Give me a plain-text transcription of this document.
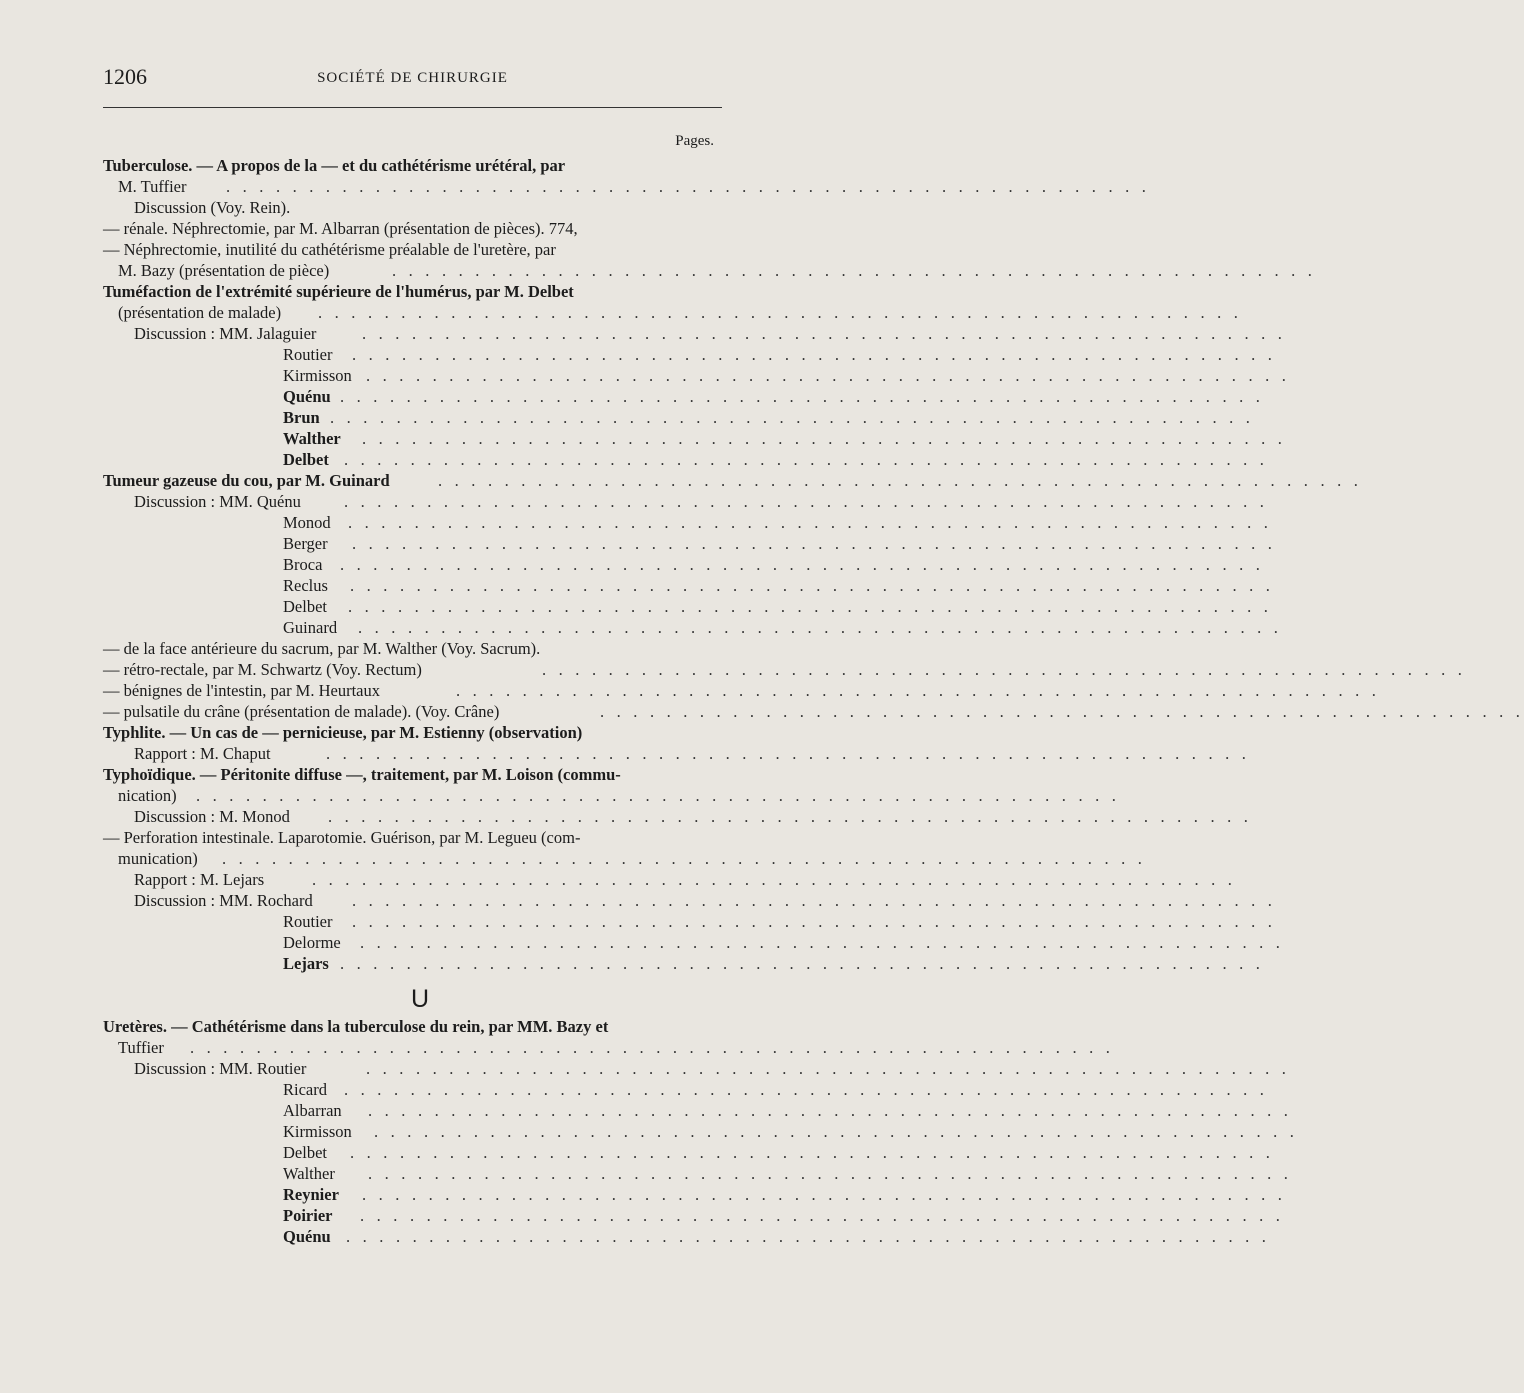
1206	SOCIÉTÉ DE CHIRURGIE
Pages.
Tuberculose. — A propos de la — et du cathétérisme urétéral, par
M. Tuffier . . . . . . . . . . . . . . . . . . . . . . . . . . . . . . . . . . . . . . . . . . . . . . . . . . . . . . . .
Discussion (Voy. Rein).
— rénale. Néphrectomie, par M. Albarran (présentation de pièces). 774,
— Néphrectomie, inutilité du cathétérisme préalable de l'uretère, par
M. Bazy (présentation de pièce)	. . . . . . . . . . . . . . . . . . . . . . . . . . . . . . . . . . . . . . . . . . . . . . . . . . . . . . . .
Tuméfaction de l'extrémité supérieure de l'humérus, par M. Delbet
(présentation de malade) . . . . . . . . . . . . . . . . . . . . . . . . . . . . . . . . . . . . . . . . . . . . . . . . . . . . . . . .
Discussion : MM. Jalaguier	. . . . . . . . . . . . . . . . . . . . . . . . . . . . . . . . . . . . . . . . . . . . . . . . . . . . . . . .
Routier . . . . . . . . . . . . . . . . . . . . . . . . . . . . . . . . . . . . . . . . . . . . . . . . . . . . . . . .
Kirmisson . . . . . . . . . . . . . . . . . . . . . . . . . . . . . . . . . . . . . . . . . . . . . . . . . . . . . . . .
Quénu . . . . . . . . . . . . . . . . . . . . . . . . . . . . . . . . . . . . . . . . . . . . . . . . . . . . . . . .
Brun . . . . . . . . . . . . . . . . . . . . . . . . . . . . . . . . . . . . . . . . . . . . . . . . . . . . . . . .
Walther . . . . . . . . . . . . . . . . . . . . . . . . . . . . . . . . . . . . . . . . . . . . . . . . . . . . . . . .
Delbet . . . . . . . . . . . . . . . . . . . . . . . . . . . . . . . . . . . . . . . . . . . . . . . . . . . . . . . .
Tumeur gazeuse du cou, par M. Guinard	. . . . . . . . . . . . . . . . . . . . . . . . . . . . . . . . . . . . . . . . . . . . . . . . . . . . . . . .
Discussion : MM. Quénu	. . . . . . . . . . . . . . . . . . . . . . . . . . . . . . . . . . . . . . . . . . . . . . . . . . . . . . . .
Monod . . . . . . . . . . . . . . . . . . . . . . . . . . . . . . . . . . . . . . . . . . . . . . . . . . . . . . . .
Berger . . . . . . . . . . . . . . . . . . . . . . . . . . . . . . . . . . . . . . . . . . . . . . . . . . . . . . . .
Broca . . . . . . . . . . . . . . . . . . . . . . . . . . . . . . . . . . . . . . . . . . . . . . . . . . . . . . . .
Reclus . . . . . . . . . . . . . . . . . . . . . . . . . . . . . . . . . . . . . . . . . . . . . . . . . . . . . . . .
Delbet . . . . . . . . . . . . . . . . . . . . . . . . . . . . . . . . . . . . . . . . . . . . . . . . . . . . . . . .
Guinard . . . . . . . . . . . . . . . . . . . . . . . . . . . . . . . . . . . . . . . . . . . . . . . . . . . . . . . .
— de la face antérieure du sacrum, par M. Walther (Voy. Sacrum).
— rétro-rectale, par M. Schwartz (Voy. Rectum)	. . . . . . . . . . . . . . . . . . . . . . . . . . . . . . . . . . . . . . . . . . . . . . . . . . . . . . . .
— bénignes de l'intestin, par M. Heurtaux	. . . . . . . . . . . . . . . . . . . . . . . . . . . . . . . . . . . . . . . . . . . . . . . . . . . . . . . .
— pulsatile du crâne (présentation de malade). (Voy. Crâne)	. . . . . . . . . . . . . . . . . . . . . . . . . . . . . . . . . . . . . . . . . . . . . . . . . . . . . . . .
Typhlite. — Un cas de — pernicieuse, par M. Estienny (observation)
Rapport : M. Chaput	. . . . . . . . . . . . . . . . . . . . . . . . . . . . . . . . . . . . . . . . . . . . . . . . . . . . . . . .
Typhoïdique. — Péritonite diffuse —, traitement, par M. Loison (commu-
nication) . . . . . . . . . . . . . . . . . . . . . . . . . . . . . . . . . . . . . . . . . . . . . . . . . . . . . . . .
Discussion : M. Monod . . . . . . . . . . . . . . . . . . . . . . . . . . . . . . . . . . . . . . . . . . . . . . . . . . . . . . . .
— Perforation intestinale. Laparotomie. Guérison, par M. Legueu (com-
munication) . . . . . . . . . . . . . . . . . . . . . . . . . . . . . . . . . . . . . . . . . . . . . . . . . . . . . . . .
Rapport : M. Lejars	. . . . . . . . . . . . . . . . . . . . . . . . . . . . . . . . . . . . . . . . . . . . . . . . . . . . . . . .
Discussion : MM. Rochard . . . . . . . . . . . . . . . . . . . . . . . . . . . . . . . . . . . . . . . . . . . . . . . . . . . . . . . .
Routier . . . . . . . . . . . . . . . . . . . . . . . . . . . . . . . . . . . . . . . . . . . . . . . . . . . . . . . .
Delorme . . . . . . . . . . . . . . . . . . . . . . . . . . . . . . . . . . . . . . . . . . . . . . . . . . . . . . . .
Lejars . . . . . . . . . . . . . . . . . . . . . . . . . . . . . . . . . . . . . . . . . . . . . . . . . . . . . . . .
Uretères. — Cathétérisme dans la tuberculose du rein, par MM. Bazy et
Tuffier . . . . . . . . . . . . . . . . . . . . . . . . . . . . . . . . . . . . . . . . . . . . . . . . . . . . . . . .
Discussion : MM. Routier	. . . . . . . . . . . . . . . . . . . . . . . . . . . . . . . . . . . . . . . . . . . . . . . . . . . . . . . .
Ricard . . . . . . . . . . . . . . . . . . . . . . . . . . . . . . . . . . . . . . . . . . . . . . . . . . . . . . . .
Albarran . . . . . . . . . . . . . . . . . . . . . . . . . . . . . . . . . . . . . . . . . . . . . . . . . . . . . . . .
Kirmisson . . . . . . . . . . . . . . . . . . . . . . . . . . . . . . . . . . . . . . . . . . . . . . . . . . . . . . . .
Delbet . . . . . . . . . . . . . . . . . . . . . . . . . . . . . . . . . . . . . . . . . . . . . . . . . . . . . . . .
Walther . . . . . . . . . . . . . . . . . . . . . . . . . . . . . . . . . . . . . . . . . . . . . . . . . . . . . . . .
Reynier . . . . . . . . . . . . . . . . . . . . . . . . . . . . . . . . . . . . . . . . . . . . . . . . . . . . . . . .
Poirier . . . . . . . . . . . . . . . . . . . . . . . . . . . . . . . . . . . . . . . . . . . . . . . . . . . . . . . .
Quénu . . . . . . . . . . . . . . . . . . . . . . . . . . . . . . . . . . . . . . . . . . . . . . . . . . . . . . . .
U
